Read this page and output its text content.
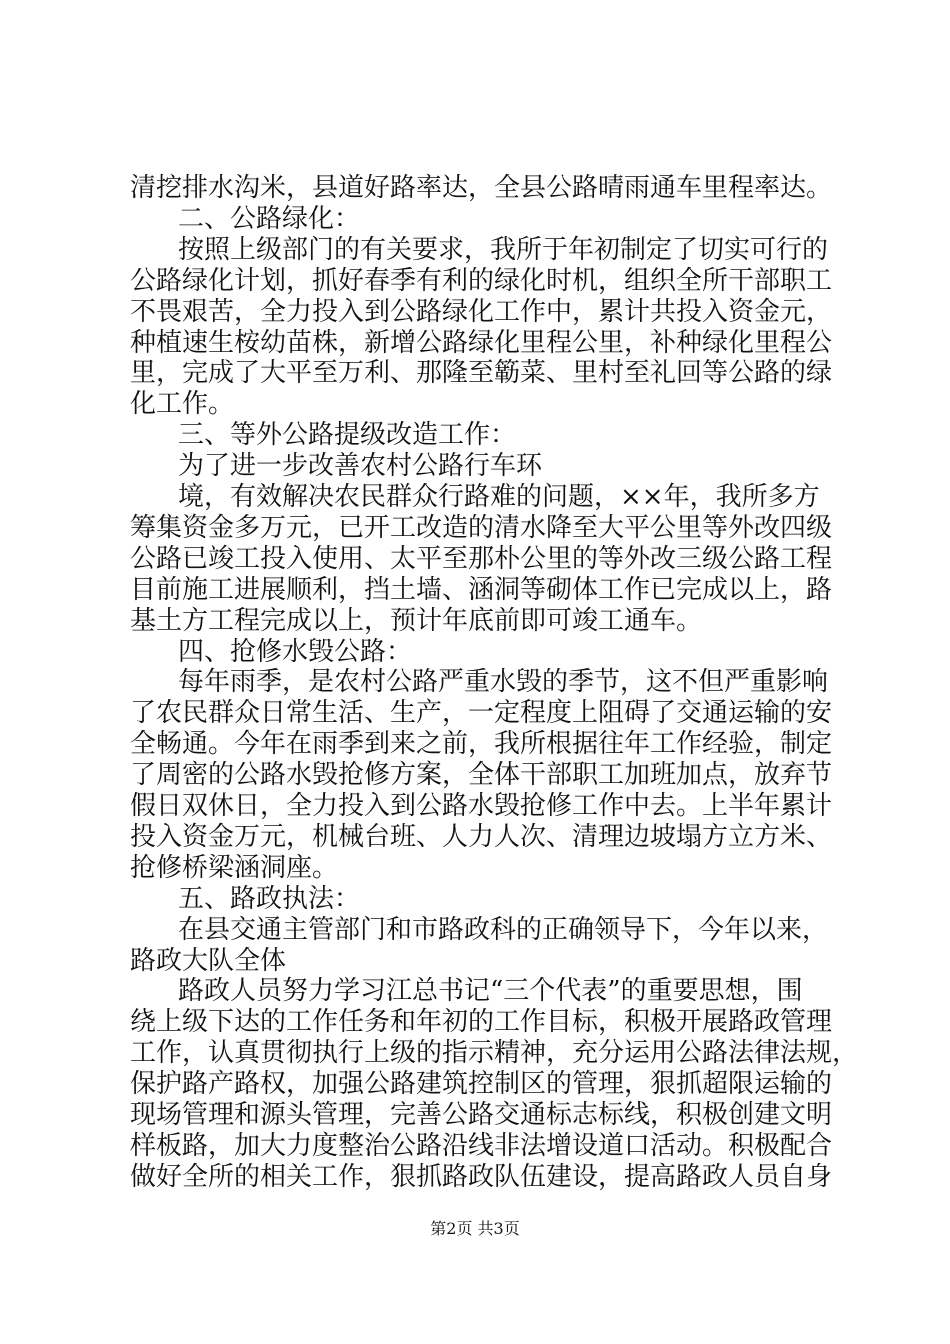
清挖排水沟米，县道好路率达，全县公路晴雨通车里程率达。
二、公路绿化：
按照上级部门的有关要求，我所于年初制定了切实可行的
公路绿化计划，抓好春季有利的绿化时机，组织全所干部职工
不畏艰苦，全力投入到公路绿化工作中，累计共投入资金元，
种植速生桉幼苗株，新增公路绿化里程公里，补种绿化里程公
里，完成了大平至万利、那隆至簕菜、里村至礼回等公路的绿
化工作。
三、等外公路提级改造工作：
为了进一步改善农村公路行车环
境，有效解决农民群众行路难的问题，××年，我所多方
筹集资金多万元，已开工改造的清水降至大平公里等外改四级
公路已竣工投入使用、太平至那朴公里的等外改三级公路工程
目前施工进展顺利，挡土墙、涵洞等砌体工作已完成以上，路
基土方工程完成以上，预计年底前即可竣工通车。
四、抢修水毁公路：
每年雨季，是农村公路严重水毁的季节，这不但严重影响
了农民群众日常生活、生产，一定程度上阻碍了交通运输的安
全畅通。今年在雨季到来之前，我所根据往年工作经验，制定
了周密的公路水毁抢修方案，全体干部职工加班加点，放弃节
假日双休日，全力投入到公路水毁抢修工作中去。上半年累计
投入资金万元，机械台班、人力人次、清理边坡塌方立方米、
抢修桥梁涵洞座。
五、路政执法：
在县交通主管部门和市路政科的正确领导下，今年以来，
路政大队全体
路政人员努力学习江总书记“三个代表”的重要思想，围
绕上级下达的工作任务和年初的工作目标，积极开展路政管理
工作，认真贯彻执行上级的指示精神，充分运用公路法律法规，
保护路产路权，加强公路建筑控制区的管理，狠抓超限运输的
第2页 共3页
现场管理和源头管理，完善公路交通标志标线，积极创建文明
样板路，加大力度整治公路沿线非法增设道口活动。积极配合
做好全所的相关工作，狠抓路政队伍建设，提高路政人员自身
